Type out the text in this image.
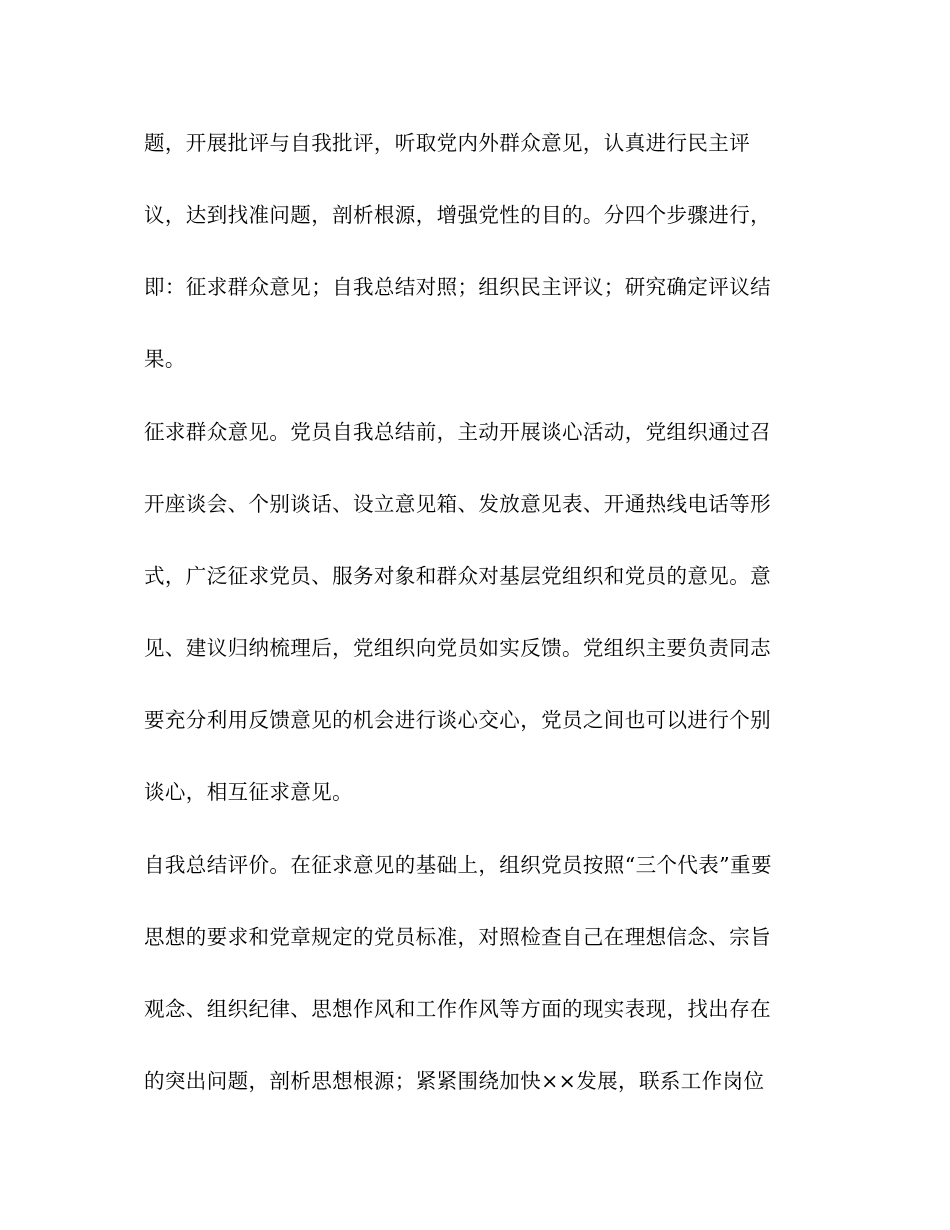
题，开展批评与自我批评，听取党内外群众意见，认真进行民主评
议，达到找准问题，剖析根源，增强党性的目的。分四个步骤进行，
即：征求群众意见；自我总结对照；组织民主评议；研究确定评议结
果。
征求群众意见。党员自我总结前，主动开展谈心活动，党组织通过召
开座谈会、个别谈话、设立意见箱、发放意见表、开通热线电话等形
式，广泛征求党员、服务对象和群众对基层党组织和党员的意见。意
见、建议归纳梳理后，党组织向党员如实反馈。党组织主要负责同志
要充分利用反馈意见的机会进行谈心交心，党员之间也可以进行个别
谈心，相互征求意见。
自我总结评价。在征求意见的基础上，组织党员按照“三个代表”重要
思想的要求和党章规定的党员标准，对照检查自己在理想信念、宗旨
观念、组织纪律、思想作风和工作作风等方面的现实表现，找出存在
的突出问题，剖析思想根源；紧紧围绕加快××发展，联系工作岗位
